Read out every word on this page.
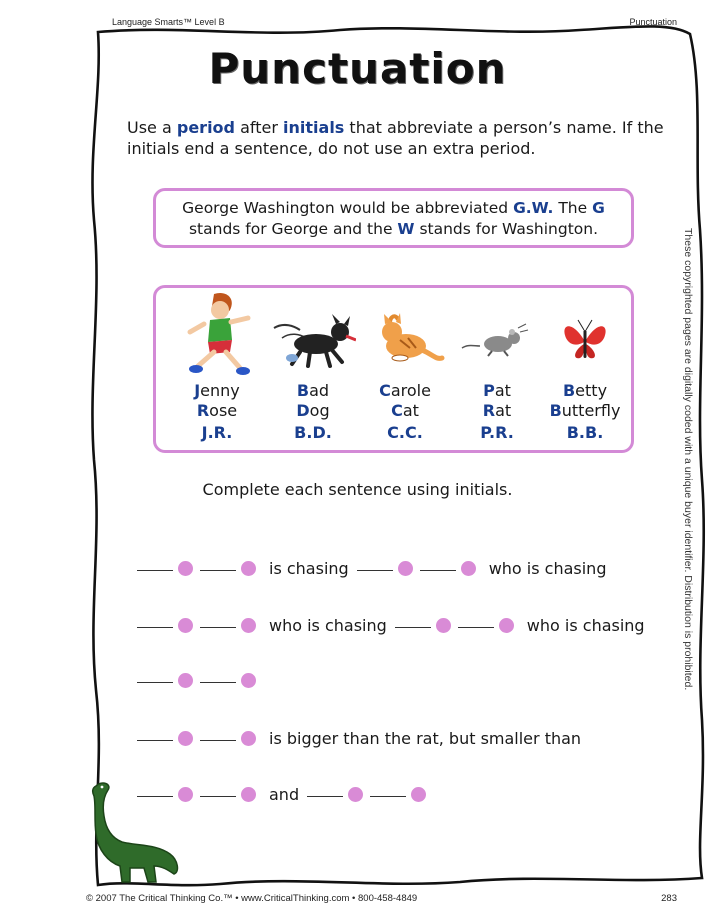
Language Smarts™ Level B	Punctuation
Punctuation
Use a period after initials that abbreviate a person’s name. If the initials end a sentence, do not use an extra period.
George Washington would be abbreviated G.W. The G stands for George and the W stands for Washington.
Jenny
Rose
J.R.
Bad
Dog
B.D.
Carole
Cat
C.C.
Pat
Rat
P.R.
Betty
Butterfly
B.B.
Complete each sentence using initials.
is chasing	who is chasing
who is chasing	who is chasing
is bigger than the rat, but smaller than
and
These copyrighted pages are digitally coded with a unique buyer identifier. Distribution is prohibited.
© 2007 The Critical Thinking Co.™ • www.CriticalThinking.com • 800-458-4849	283
